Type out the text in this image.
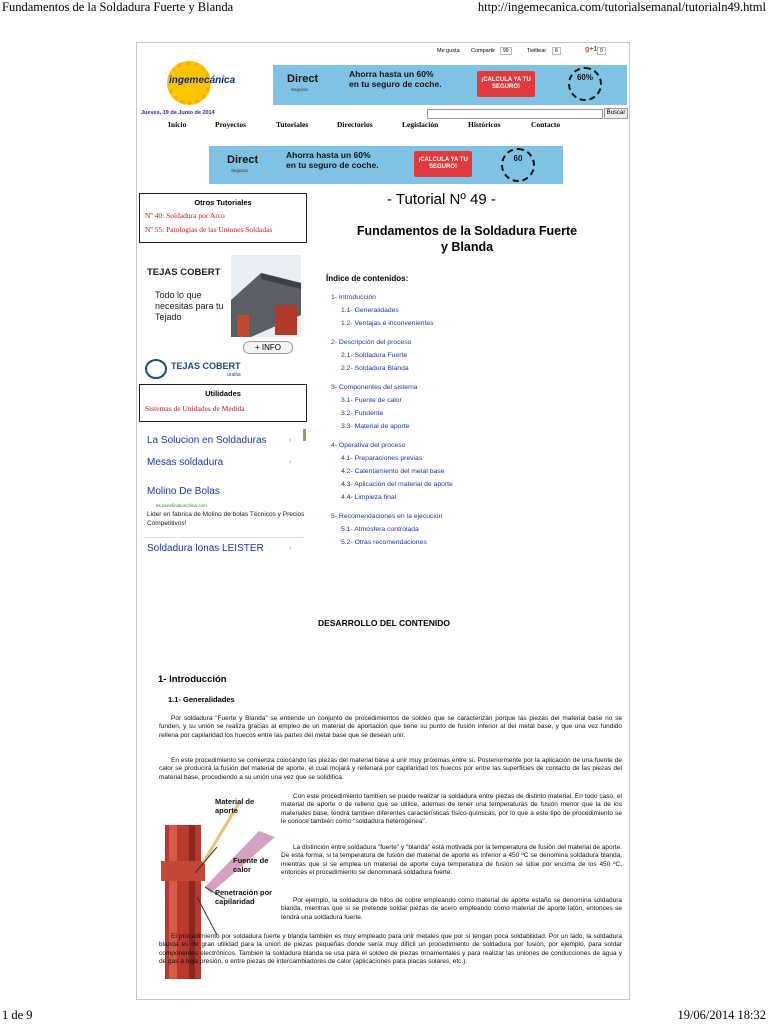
Fundamentos de la Soldadura Fuerte y Blanda	http://ingemecanica.com/tutorialsemanal/tutorialn49.html
Me gusta Compartir	99	Twittear	6	g+1 0
ingemecánica	Direct
Seguros
Ahorra hasta un 60%
en tu seguro de coche.	¡CALCULA YA TU SEGURO!
60%
Jueves, 19 de Junio de 2014	Buscar
Inicio	Proyectos	Tutoriales	Directorios	Legislación	Históricos	Contacto
Direct
Seguros
Ahorra hasta un 60%
en tu seguro de coche.	¡CALCULA YA TU SEGURO!
60
Otros Tutoriales
Nº 40: Soldadura por Arco
Nº 55: Patologías de las Uniones Soldadas
TEJAS COBERT
Todo lo que necesitas para tu Tejado
+ INFO
TEJAS COBERT
uralita
Utilidades
Sistemas de Unidades de Medida
La Solucion en Soldaduras	›
Mesas soldadura	›
Molino De Bolas
es.beneficationchina.com
Lider en fabrica de Molino de bolas Técnicos y Precios Competitivos!
Soldadura lonas LEISTER	›
- Tutorial Nº 49 -
Fundamentos de la Soldadura Fuerte y Blanda
Índice de contenidos:
DESARROLLO DEL CONTENIDO
1- Introducción
1.1- Generalidades
Por soldadura "Fuerte y Blanda" se entiende un conjunto de procedimientos de soldeo que se caracterizan porque las piezas del material base no se funden, y su unión se realiza gracias al empleo de un material de aportación que tiene su punto de fusión inferior al del metal base, y que una vez fundido rellena por capilaridad los huecos entre las partes del metal base que se desean unir.
En este procedimiento se comienza colocando las piezas del material base a unir muy próximas entre sí. Posteriormente por la aplicación de una fuente de calor se producirá la fusión del material de aporte, el cual mojará y rellenará por capilaridad los huecos por entre las superficies de contacto de las piezas del material base, procediendo a su unión una vez que se solidifica.
Material de aporte
Fuente de calor
Penetración por capilaridad
Con este procedimiento tambien se puede realizar la soldadura entre piezas de distinto material. En todo caso, el material de aporte o de relleno que se utilice, ademas de tener una temperaturas de fusión menor que la de los materiales base, tendrá tambien diferentes características físico-químicas, por lo que a este tipo de procedimiento se le conoce también como "soldadura heterogénea".
La distinción entre soldadura "fuerte" y "blanda" está motivada por la temperatura de fusión del material de aporte. De esta forma, si la temperatura de fusión del material de aporte es inferior a 450 ºC se denomina soldadura blanda, mientras que si se emplea un material de aporte cuya temperatura de fusión se sitúe por encima de los 450 ºC, entonces el procedimiento se denominará soldadura fuerte.
Por ejemplo, la soldadura de hilos de cobre empleando como material de aporte estaño se denomina soldadura blanda, mientras que si se pretende soldar piezas de acero empleando como material de aporte latón, entonces se tendrá una soldadura fuerte.
El procedimiento por soldadura fuerte y blanda también es muy empleado para unir metales que por sí tengan poca soldabilidad. Por un lado, la soldadura blanda es de gran utilidad para la unión de piezas pequeñas donde sería muy difícil un procedimiento de soldadura por fusión, por ejemplo, para soldar componentes electrónicos. También la soldadura blanda se usa para el soldeo de piezas ornamentales y para realizar las uniones de conducciones de agua y de gas a baja presión, o entre piezas de intercambiadores de calor (aplicaciones para placas solares, etc.).
1- Introducción
1.1- Generalidades
1.2- Ventajas e inconvenientes
2- Descripción del proceso
2.1- Soldadura Fuerte
2.2- Soldadura Blanda
3- Componentes del sistema
3.1- Fuente de calor
3.2- Fundente
3.3- Material de aporte
4- Operativa del proceso
4.1- Preparaciones previas
4.2- Calentamiento del metal base
4.3- Aplicación del material de aporte
4.4- Limpieza final
5- Recomendaciones en la ejecución
5.1- Atmósfera controlada
5.2- Otras recomendaciones
1 de 9	19/06/2014 18:32
